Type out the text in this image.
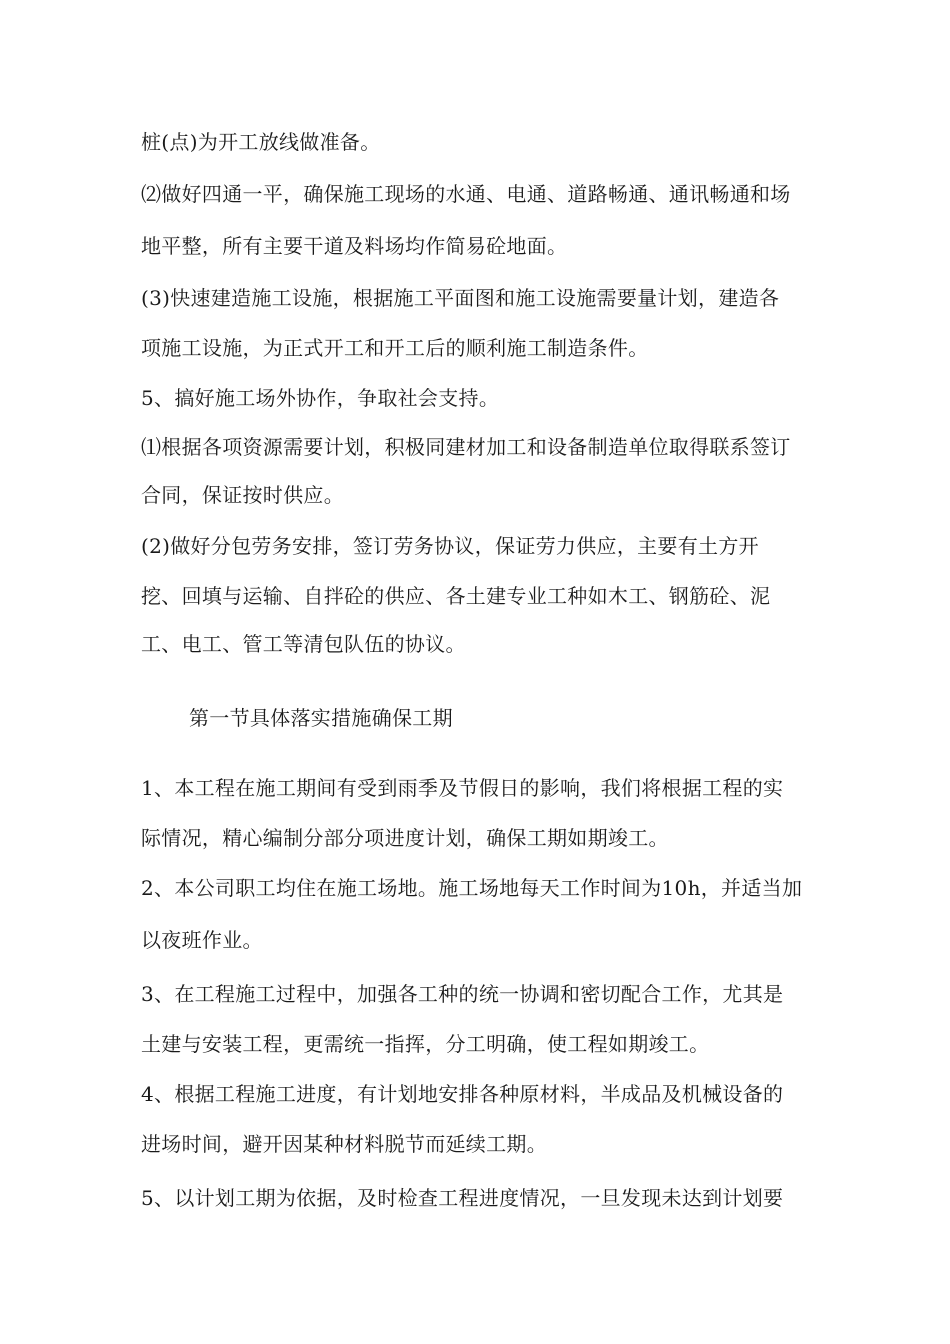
桩(点)为开工放线做准备。
⑵做好四通一平，确保施工现场的水通、电通、道路畅通、通讯畅通和场
地平整，所有主要干道及料场均作简易砼地面。
(3)快速建造施工设施，根据施工平面图和施工设施需要量计划，建造各
项施工设施，为正式开工和开工后的顺利施工制造条件。
5、搞好施工场外协作，争取社会支持。
⑴根据各项资源需要计划，积极同建材加工和设备制造单位取得联系签订
合同，保证按时供应。
(2)做好分包劳务安排，签订劳务协议，保证劳力供应，主要有土方开
挖、回填与运输、自拌砼的供应、各土建专业工种如木工、钢筋砼、泥
工、电工、管工等清包队伍的协议。
第一节具体落实措施确保工期
1、本工程在施工期间有受到雨季及节假日的影响，我们将根据工程的实
际情况，精心编制分部分项进度计划，确保工期如期竣工。
2、本公司职工均住在施工场地。施工场地每天工作时间为10h，并适当加
以夜班作业。
3、在工程施工过程中，加强各工种的统一协调和密切配合工作，尤其是
土建与安装工程，更需统一指挥，分工明确，使工程如期竣工。
4、根据工程施工进度，有计划地安排各种原材料，半成品及机械设备的
进场时间，避开因某种材料脱节而延续工期。
5、以计划工期为依据，及时检查工程进度情况，一旦发现未达到计划要
